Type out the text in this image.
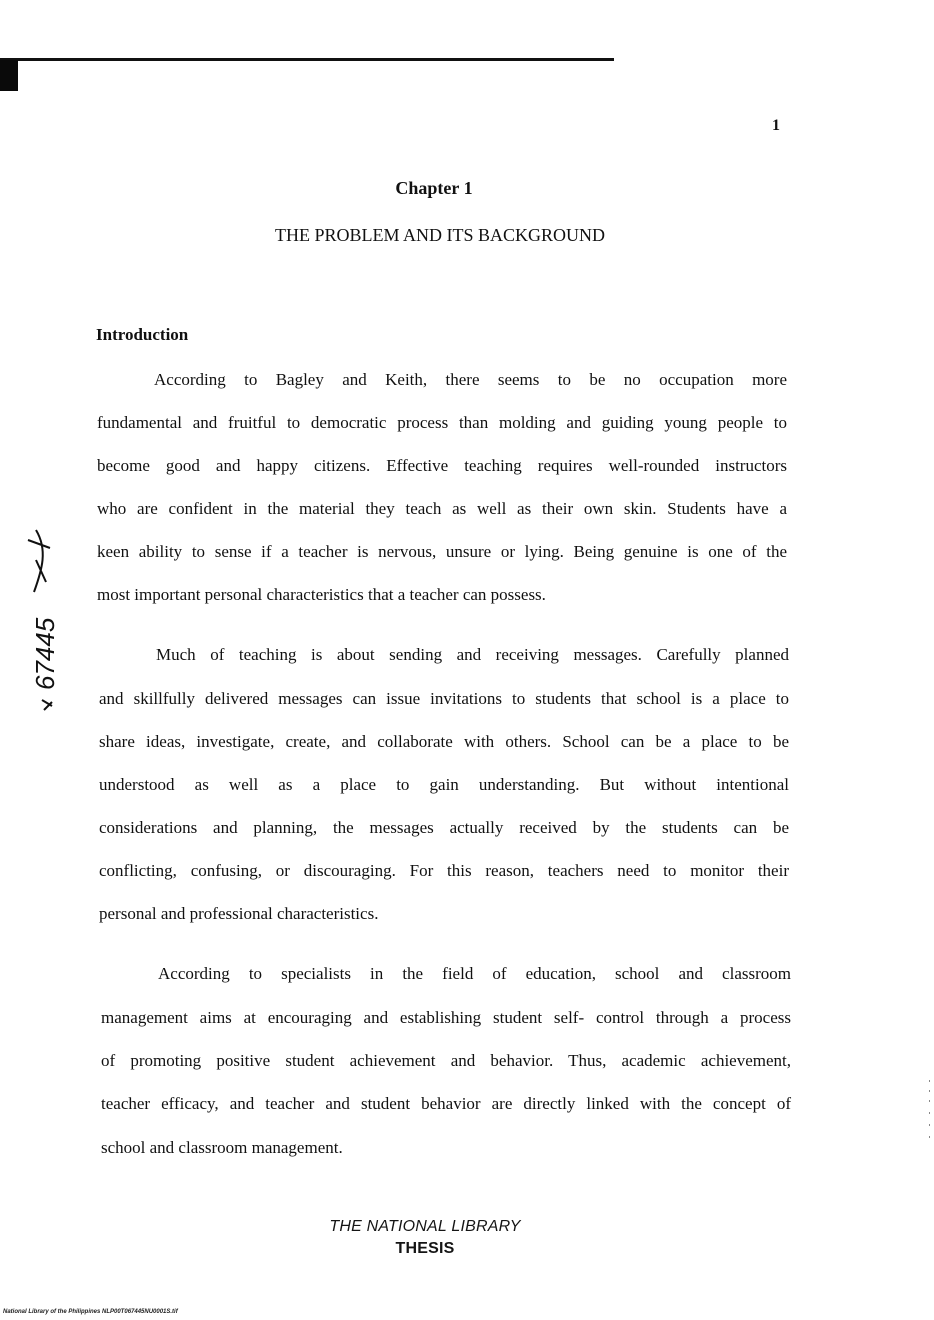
1
Chapter 1
THE PROBLEM AND ITS BACKGROUND
Introduction
According to Bagley and Keith, there seems to be no occupation more
fundamental and fruitful to democratic process than molding and guiding young people to
become good and happy citizens. Effective teaching requires well-rounded instructors
who are confident in the material they teach as well as their own skin. Students have a
keen ability to sense if a teacher is nervous, unsure or lying. Being genuine is one of the
most important personal characteristics that a teacher can possess.
Much of teaching is about sending and receiving messages. Carefully planned
and skillfully delivered messages can issue invitations to students that school is a place to
share ideas, investigate, create, and collaborate with others. School can be a place to be
understood as well as a place to gain understanding. But without intentional
considerations and planning, the messages actually received by the students can be
conflicting, confusing, or discouraging. For this reason, teachers need to monitor their
personal and professional characteristics.
According to specialists in the field of education, school and classroom
management aims at encouraging and establishing student self- control through a process
of promoting positive student achievement and behavior. Thus, academic achievement,
teacher efficacy, and teacher and student behavior are directly linked with the concept of
school and classroom management.
67445
THE NATIONAL LIBRARY
THESIS
National Library of the Philippines NLP00T067445NU0001S.tif
